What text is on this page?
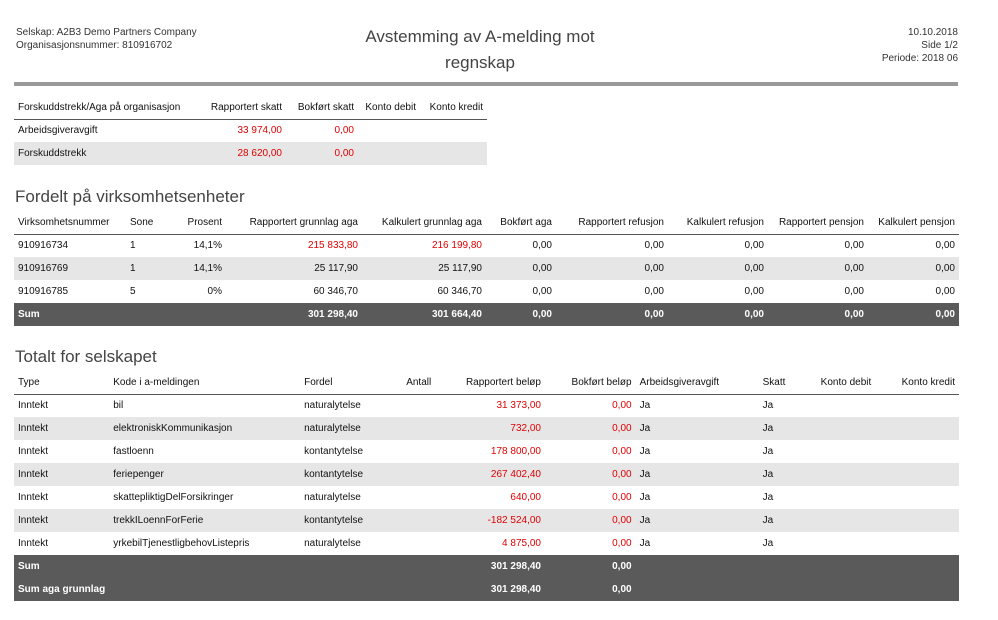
Selskap: A2B3 Demo Partners Company
Organisasjonsnummer: 810916702	Avstemming av A-melding mot
regnskap
10.10.2018
Side 1/2
Periode: 2018 06
Forskuddstrekk/Aga på organisasjon	Rapportert skatt	Bokført skatt	Konto debit	Konto kredit
Arbeidsgiveravgift	33 974,00	0,00		
Forskuddstrekk	28 620,00	0,00		
Fordelt på virksomhetsenheter
Virksomhetsnummer	Sone	Prosent	Rapportert grunnlag aga	Kalkulert grunnlag aga	Bokført aga	Rapportert refusjon	Kalkulert refusjon	Rapportert pensjon	Kalkulert pensjon
910916734	1	14,1%	215 833,80	216 199,80	0,00	0,00	0,00	0,00	0,00
910916769	1	14,1%	25 117,90	25 117,90	0,00	0,00	0,00	0,00	0,00
910916785	5	0%	60 346,70	60 346,70	0,00	0,00	0,00	0,00	0,00
Sum			301 298,40	301 664,40	0,00	0,00	0,00	0,00	0,00
Totalt for selskapet
Type	Kode i a-meldingen	Fordel	Antall	Rapportert beløp	Bokført beløp	Arbeidsgiveravgift	Skatt	Konto debit	Konto kredit
Inntekt	bil	naturalytelse		31 373,00	0,00	Ja	Ja		
Inntekt	elektroniskKommunikasjon	naturalytelse		732,00	0,00	Ja	Ja		
Inntekt	fastloenn	kontantytelse		178 800,00	0,00	Ja	Ja		
Inntekt	feriepenger	kontantytelse		267 402,40	0,00	Ja	Ja		
Inntekt	skattepliktigDelForsikringer	naturalytelse		640,00	0,00	Ja	Ja		
Inntekt	trekkILoennForFerie	kontantytelse		-182 524,00	0,00	Ja	Ja		
Inntekt	yrkebilTjenestligbehovListepris	naturalytelse		4 875,00	0,00	Ja	Ja		
Sum				301 298,40	0,00				
Sum aga grunnlag				301 298,40	0,00				
